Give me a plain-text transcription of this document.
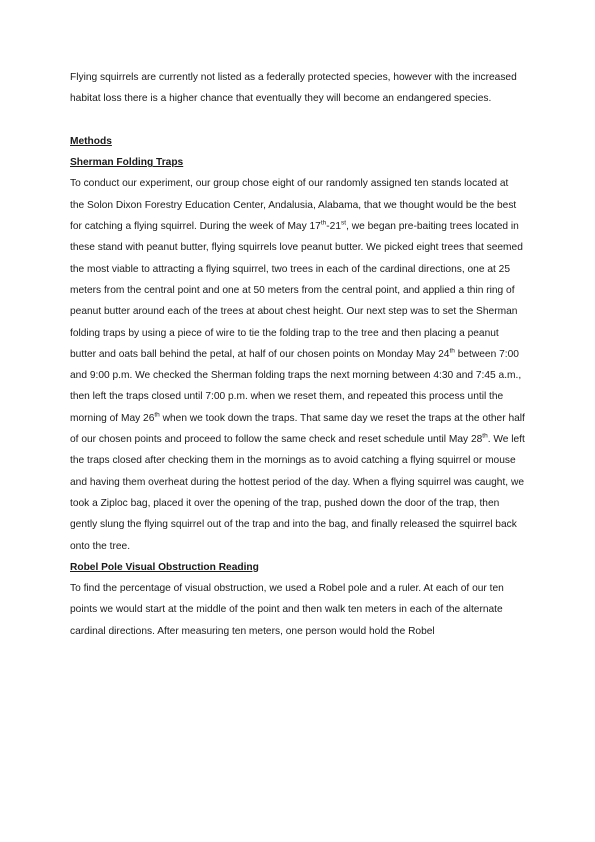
Flying squirrels are currently not listed as a federally protected species, however with the increased habitat loss there is a higher chance that eventually they will become an endangered species.

Methods

Sherman Folding Traps

To conduct our experiment, our group chose eight of our randomly assigned ten stands located at the Solon Dixon Forestry Education Center, Andalusia, Alabama, that we thought would be the best for catching a flying squirrel. During the week of May 17th-21st, we began pre-baiting trees located in these stand with peanut butter, flying squirrels love peanut butter. We picked eight trees that seemed the most viable to attracting a flying squirrel, two trees in each of the cardinal directions, one at 25 meters from the central point and one at 50 meters from the central point, and applied a thin ring of peanut butter around each of the trees at about chest height. Our next step was to set the Sherman folding traps by using a piece of wire to tie the folding trap to the tree and then placing a peanut butter and oats ball behind the petal, at half of our chosen points on Monday May 24th between 7:00 and 9:00 p.m. We checked the Sherman folding traps the next morning between 4:30 and 7:45 a.m., then left the traps closed until 7:00 p.m. when we reset them, and repeated this process until the morning of May 26th when we took down the traps. That same day we reset the traps at the other half of our chosen points and proceed to follow the same check and reset schedule until May 28th. We left the traps closed after checking them in the mornings as to avoid catching a flying squirrel or mouse and having them overheat during the hottest period of the day. When a flying squirrel was caught, we took a Ziploc bag, placed it over the opening of the trap, pushed down the door of the trap, then gently slung the flying squirrel out of the trap and into the bag, and finally released the squirrel back onto the tree.

Robel Pole Visual Obstruction Reading

To find the percentage of visual obstruction, we used a Robel pole and a ruler. At each of our ten points we would start at the middle of the point and then walk ten meters in each of the alternate cardinal directions. After measuring ten meters, one person would hold the Robel
